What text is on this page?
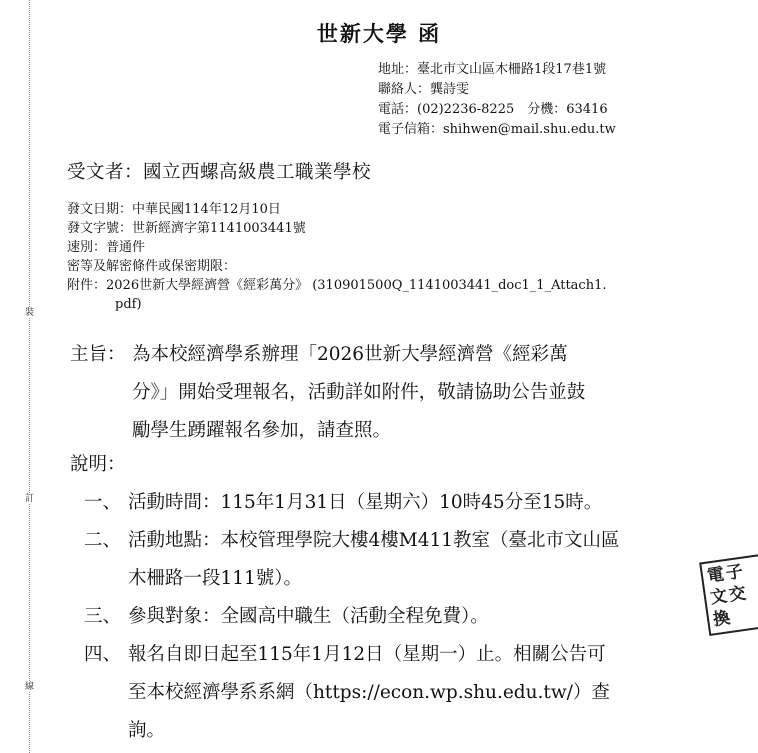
裝
訂
線
世新大學 函
地址：臺北市文山區木柵路1段17巷1號
聯絡人：龔詩雯
電話：(02)2236-8225　分機：63416
電子信箱：shihwen@mail.shu.edu.tw
受文者：國立西螺高級農工職業學校
發文日期：中華民國114年12月10日
發文字號：世新經濟字第1141003441號
速別：普通件
密等及解密條件或保密期限：
附件：2026世新大學經濟營《經彩萬分》 (310901500Q_1141003441_doc1_1_Attach1.
pdf)
主旨： 為本校經濟學系辦理「2026世新大學經濟營《經彩萬
分》」開始受理報名，活動詳如附件，敬請協助公告並鼓
勵學生踴躍報名參加，請查照。
說明：
一、 活動時間：115年1月31日（星期六）10時45分至15時。
二、 活動地點：本校管理學院大樓4樓M411教室（臺北市文山區
木柵路一段111號）。
三、 參與對象：全國高中職生（活動全程免費）。
四、 報名自即日起至115年1月12日（星期一）止。相關公告可
至本校經濟學系系網（https://econ.wp.shu.edu.tw/）查
詢。
電子
文交
換
